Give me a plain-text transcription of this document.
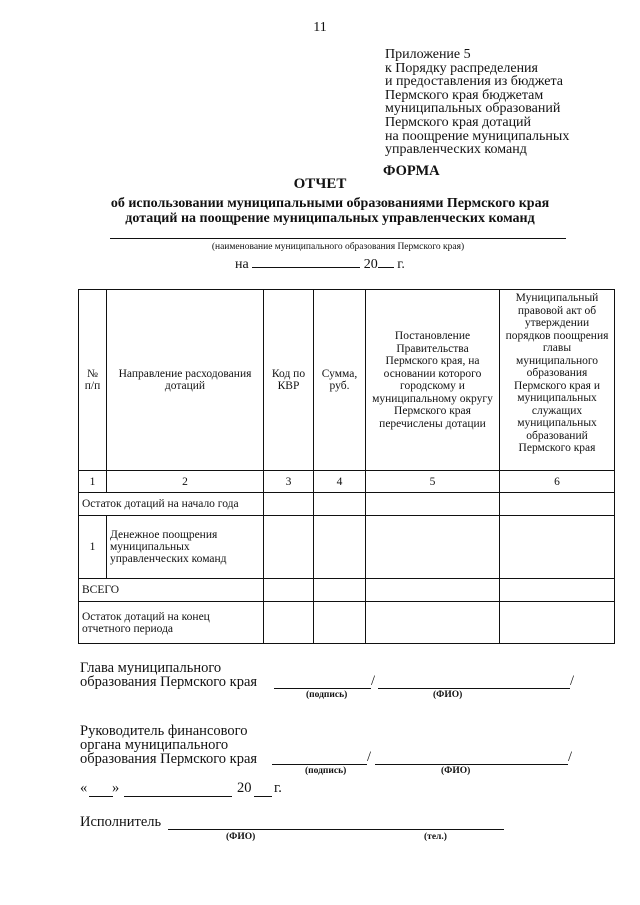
11
Приложение 5
к Порядку распределения
и предоставления из бюджета
Пермского края бюджетам
муниципальных образований
Пермского края дотаций
на поощрение муниципальных
управленческих команд
ФОРМА
ОТЧЕТ
об использовании муниципальными образованиями Пермского края
дотаций на поощрение муниципальных управленческих команд
(наименование муниципального образования Пермского края)
на	20 г.
№ п/п	Направление расходования дотаций	Код по КВР	Сумма, руб.	Постановление Правительства Пермского края, на основании которого городскому и муниципальному округу Пермского края перечислены дотации	Муниципальный правовой акт об утверждении порядков поощрения главы муниципального образования Пермского края и муниципальных служащих муниципальных образований Пермского края
1	2	3	4	5	6
Остаток дотаций на начало года					
1	Денежное поощрения муниципальных управленческих команд				
ВСЕГО					
Остаток дотаций на конец отчетного периода					
Глава муниципального
образования Пермского края	/	/
(подпись)	(ФИО)
Руководитель финансового
органа муниципального
образования Пермского края	/	/
(подпись)	(ФИО)
« »	20 г.
Исполнитель
(ФИО)	(тел.)
